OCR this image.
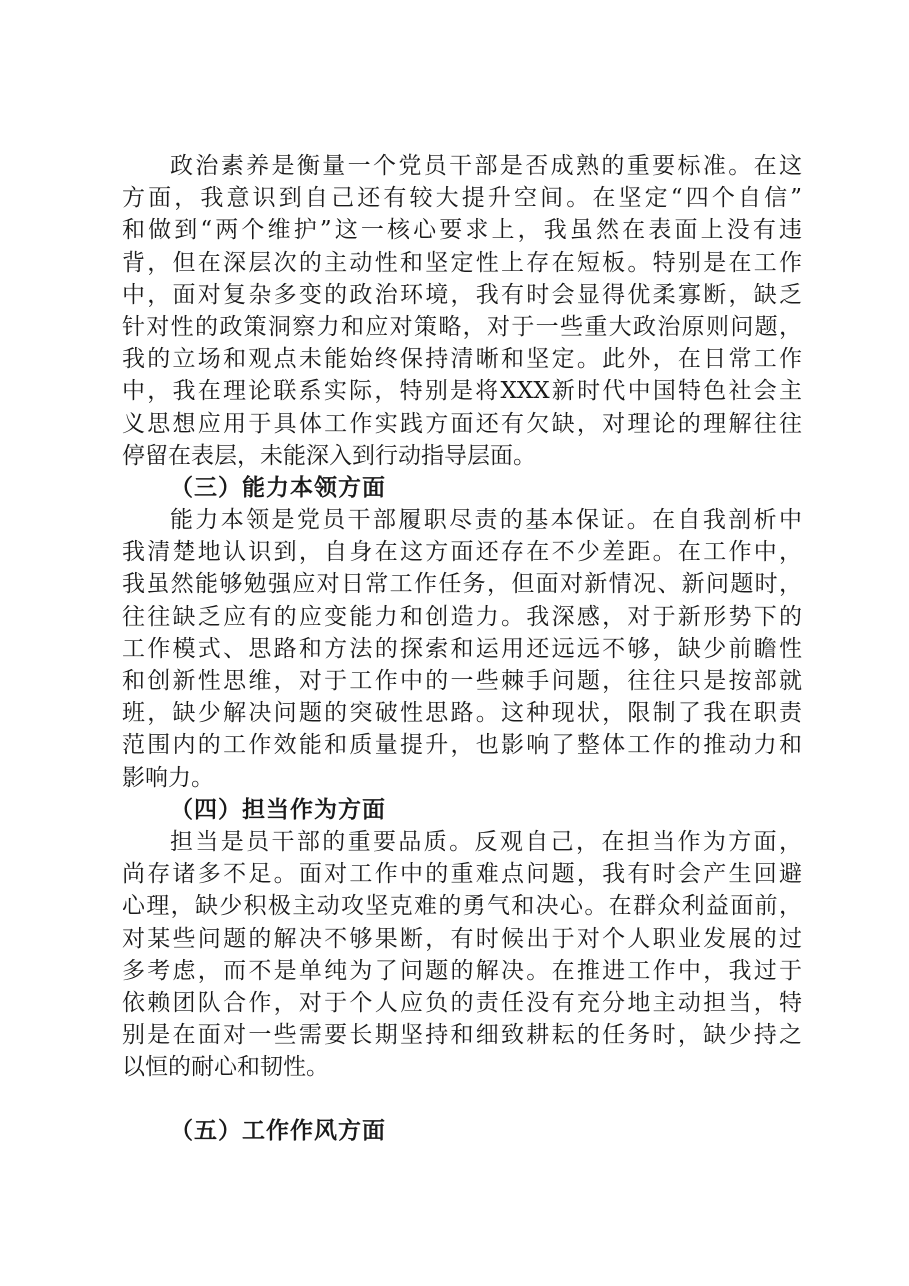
政治素养是衡量一个党员干部是否成熟的重要标准。在这
方面，我意识到自己还有较大提升空间。在坚定“四个自信”
和做到“两个维护”这一核心要求上，我虽然在表面上没有违
背，但在深层次的主动性和坚定性上存在短板。特别是在工作
中，面对复杂多变的政治环境，我有时会显得优柔寡断，缺乏
针对性的政策洞察力和应对策略，对于一些重大政治原则问题，
我的立场和观点未能始终保持清晰和坚定。此外，在日常工作
中，我在理论联系实际，特别是将XXX新时代中国特色社会主
义思想应用于具体工作实践方面还有欠缺，对理论的理解往往
停留在表层，未能深入到行动指导层面。
（三）能力本领方面
能力本领是党员干部履职尽责的基本保证。在自我剖析中
我清楚地认识到，自身在这方面还存在不少差距。在工作中，
我虽然能够勉强应对日常工作任务，但面对新情况、新问题时，
往往缺乏应有的应变能力和创造力。我深感，对于新形势下的
工作模式、思路和方法的探索和运用还远远不够，缺少前瞻性
和创新性思维，对于工作中的一些棘手问题，往往只是按部就
班，缺少解决问题的突破性思路。这种现状，限制了我在职责
范围内的工作效能和质量提升，也影响了整体工作的推动力和
影响力。
（四）担当作为方面
担当是员干部的重要品质。反观自己，在担当作为方面，
尚存诸多不足。面对工作中的重难点问题，我有时会产生回避
心理，缺少积极主动攻坚克难的勇气和决心。在群众利益面前，
对某些问题的解决不够果断，有时候出于对个人职业发展的过
多考虑，而不是单纯为了问题的解决。在推进工作中，我过于
依赖团队合作，对于个人应负的责任没有充分地主动担当，特
别是在面对一些需要长期坚持和细致耕耘的任务时，缺少持之
以恒的耐心和韧性。
（五）工作作风方面
